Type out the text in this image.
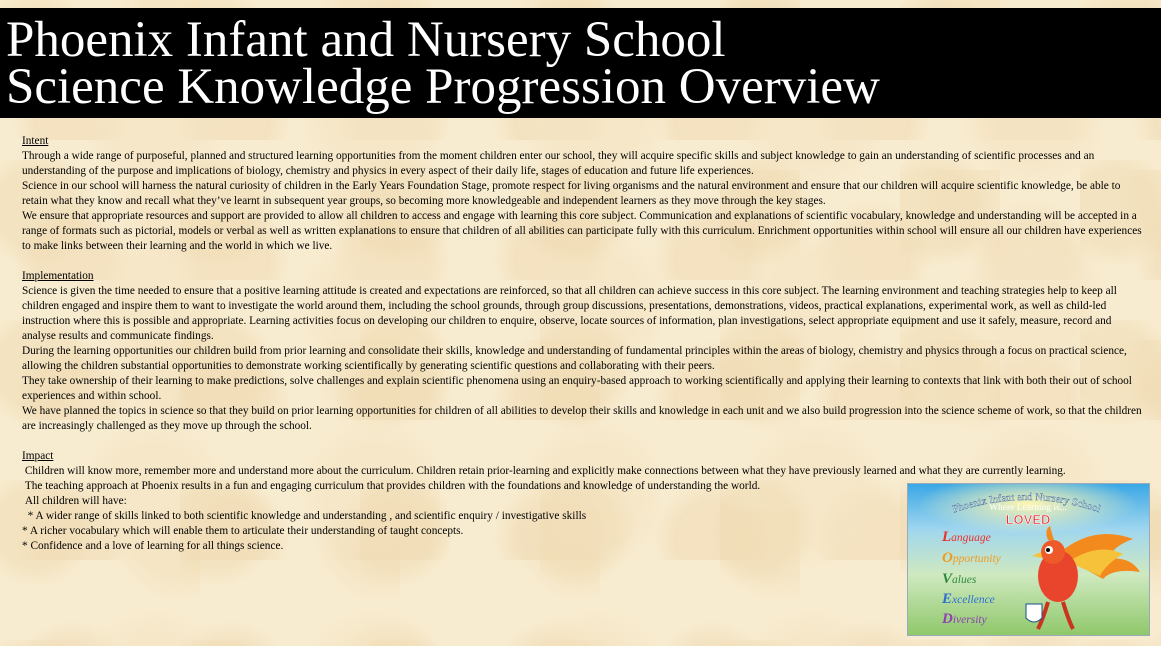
Phoenix Infant and Nursery School
Science Knowledge Progression Overview
Intent

Through a wide range of purposeful, planned and structured learning opportunities from the moment children enter our school, they will acquire specific skills and subject knowledge to gain an understanding of scientific processes and an understanding of the purpose and implications of biology, chemistry and physics in every aspect of their daily life, stages of education and future life experiences.

Science in our school will harness the natural curiosity of children in the Early Years Foundation Stage, promote respect for living organisms and the natural environment and ensure that our children will acquire scientific knowledge, be able to retain what they know and recall what they’ve learnt in subsequent year groups, so becoming more knowledgeable and independent learners as they move through the key stages.

We ensure that appropriate resources and support are provided to allow all children to access and engage with learning this core subject. Communication and explanations of scientific vocabulary, knowledge and understanding will be accepted in a range of formats such as pictorial, models or verbal as well as written explanations to ensure that children of all abilities can participate fully with this curriculum. Enrichment opportunities within school will ensure all our children have experiences to make links between their learning and the world in which we live.

Implementation

Science is given the time needed to ensure that a positive learning attitude is created and expectations are reinforced, so that all children can achieve success in this core subject. The learning environment and teaching strategies help to keep all children engaged and inspire them to want to investigate the world around them, including the school grounds, through group discussions, presentations, demonstrations, videos, practical explanations, experimental work, as well as child-led instruction where this is possible and appropriate. Learning activities focus on developing our children to enquire, observe, locate sources of information, plan investigations, select appropriate equipment and use it safely, measure, record and analyse results and communicate findings.

During the learning opportunities our children build from prior learning and consolidate their skills, knowledge and understanding of fundamental principles within the areas of biology, chemistry and physics through a focus on practical science, allowing the children substantial opportunities to demonstrate working scientifically by generating scientific questions and collaborating with their peers.

They take ownership of their learning to make predictions, solve challenges and explain scientific phenomena using an enquiry-based approach to working scientifically and applying their learning to contexts that link with both their out of school experiences and within school.

We have planned the topics in science so that they build on prior learning opportunities for children of all abilities to develop their skills and knowledge in each unit and we also build progression into the science scheme of work, so that the children are increasingly challenged as they move up through the school.

Impact

Children will know more, remember more and understand more about the curriculum. Children retain prior-learning and explicitly make connections between what they have previously learned and what they are currently learning.

The teaching approach at Phoenix results in a fun and engaging curriculum that provides children with the foundations and knowledge of understanding the world.

All children will have:

* A wider range of skills linked to both scientific knowledge and understanding , and scientific enquiry / investigative skills

* A richer vocabulary which will enable them to articulate their understanding of taught concepts.

* Confidence and a love of learning for all things science.

Phoenix Infant and Nursery School
Where Learning is...
LOVED
Language
Opportunity
Values
Excellence
Diversity
